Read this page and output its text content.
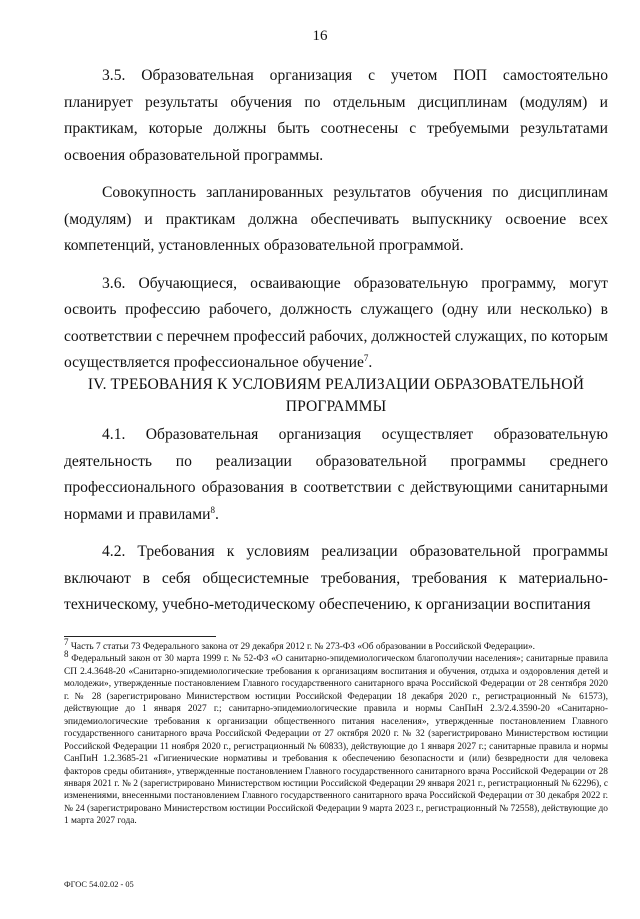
16

3.5. Образовательная организация с учетом ПОП самостоятельно планирует результаты обучения по отдельным дисциплинам (модулям) и практикам, которые должны быть соотнесены с требуемыми результатами освоения образовательной программы.

Совокупность запланированных результатов обучения по дисциплинам (модулям) и практикам должна обеспечивать выпускнику освоение всех компетенций, установленных образовательной программой.

3.6. Обучающиеся, осваивающие образовательную программу, могут освоить профессию рабочего, должность служащего (одну или несколько) в соответствии с перечнем профессий рабочих, должностей служащих, по которым осуществляется профессиональное обучение$^7$.

IV. ТРЕБОВАНИЯ К УСЛОВИЯМ РЕАЛИЗАЦИИ ОБРАЗОВАТЕЛЬНОЙ
ПРОГРАММЫ

4.1. Образовательная организация осуществляет образовательную деятельность по реализации образовательной программы среднего профессионального образования в соответствии с действующими санитарными нормами и правилами$^8$.

4.2. Требования к условиям реализации образовательной программы включают в себя общесистемные требования, требования к материально-техническому, учебно-методическому обеспечению, к организации воспитания

$^7$ Часть 7 статьи 73 Федерального закона от 29 декабря 2012 г. № 273-ФЗ «Об образовании в Российской Федерации».

$^8$ Федеральный закон от 30 марта 1999 г. № 52-ФЗ «О санитарно-эпидемиологическом благополучии населения»; санитарные правила СП 2.4.3648-20 «Санитарно-эпидемиологические требования к организациям воспитания и обучения, отдыха и оздоровления детей и молодежи», утвержденные постановлением Главного государственного санитарного врача Российской Федерации от 28 сентября 2020 г. № 28 (зарегистрировано Министерством юстиции Российской Федерации 18 декабря 2020 г., регистрационный № 61573), действующие до 1 января 2027 г.; санитарно-эпидемиологические правила и нормы СанПиН 2.3/2.4.3590-20 «Санитарно-эпидемиологические требования к организации общественного питания населения», утвержденные постановлением Главного государственного санитарного врача Российской Федерации от 27 октября 2020 г. № 32 (зарегистрировано Министерством юстиции Российской Федерации 11 ноября 2020 г., регистрационный № 60833), действующие до 1 января 2027 г.; санитарные правила и нормы СанПиН 1.2.3685-21 «Гигиенические нормативы и требования к обеспечению безопасности и (или) безвредности для человека факторов среды обитания», утвержденные постановлением Главного государственного санитарного врача Российской Федерации от 28 января 2021 г. № 2 (зарегистрировано Министерством юстиции Российской Федерации 29 января 2021 г., регистрационный № 62296), с изменениями, внесенными постановлением Главного государственного санитарного врача Российской Федерации от 30 декабря 2022 г. № 24 (зарегистрировано Министерством юстиции Российской Федерации 9 марта 2023 г., регистрационный № 72558), действующие до 1 марта 2027 года.

ФГОС 54.02.02 - 05
